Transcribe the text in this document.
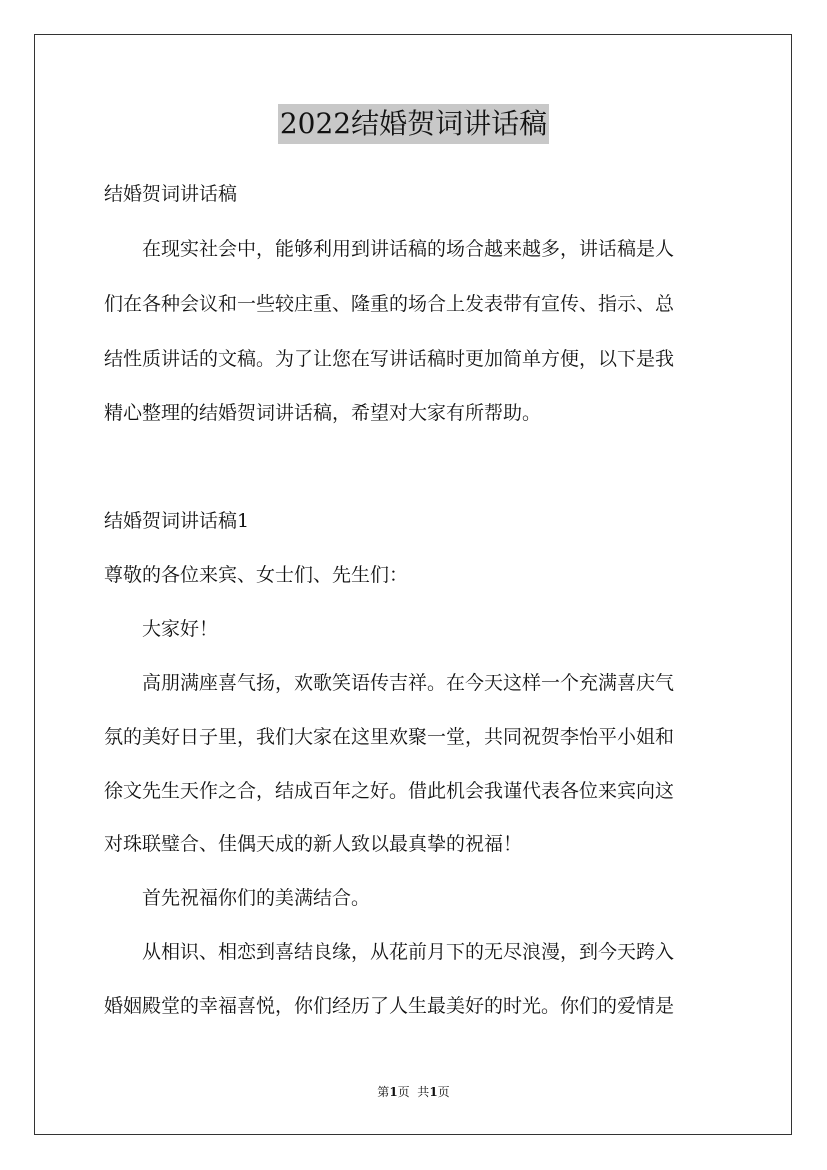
2022结婚贺词讲话稿
结婚贺词讲话稿
在现实社会中，能够利用到讲话稿的场合越来越多，讲话稿是人
们在各种会议和一些较庄重、隆重的场合上发表带有宣传、指示、总
结性质讲话的文稿。为了让您在写讲话稿时更加简单方便，以下是我
精心整理的结婚贺词讲话稿，希望对大家有所帮助。
结婚贺词讲话稿1
尊敬的各位来宾、女士们、先生们：
大家好！
高朋满座喜气扬，欢歌笑语传吉祥。在今天这样一个充满喜庆气
氛的美好日子里，我们大家在这里欢聚一堂，共同祝贺李怡平小姐和
徐文先生天作之合，结成百年之好。借此机会我谨代表各位来宾向这
对珠联璧合、佳偶天成的新人致以最真挚的祝福！
首先祝福你们的美满结合。
从相识、相恋到喜结良缘，从花前月下的无尽浪漫，到今天跨入
婚姻殿堂的幸福喜悦，你们经历了人生最美好的时光。你们的爱情是
第1页  共1页
